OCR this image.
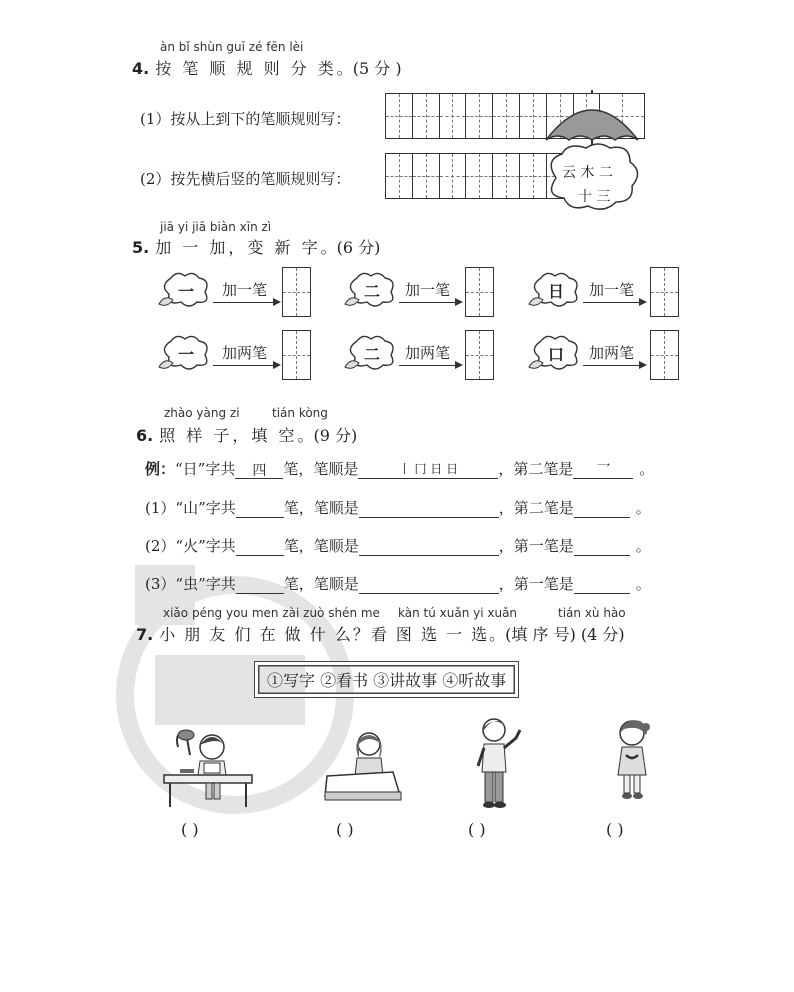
àn bǐ shùn guī zé fēn lèi
4. 按 笔 顺 规 则 分 类。(5 分 )
(1）按从上到下的笔顺规则写：
(2）按先横后竖的笔顺规则写：	云 木 二
十 三
jiā yi jiā biàn xīn zì
5. 加 一 加，变 新 字。(6 分)
一 加一笔	二 加一笔	日 加一笔
一 加两笔	二 加两笔	口 加两笔
zhào yàng zi	tián kòng
6. 照 样 子，填 空。(9 分)
例：“日”字共 四 笔，笔顺是	丨 冂 日 日	，第二笔是 乛 。
(1）“山”字共	笔，笔顺是	，第二笔是	。
(2）“火”字共	笔，笔顺是	，第一笔是	。
(3）“虫”字共	笔，笔顺是	，第一笔是	。
xiǎo péng you men zài zuò shén me kàn tú xuǎn yi xuǎn	tián xù hào
7. 小 朋 友 们 在 做 什 么？看 图 选 一 选。(填 序 号) (4 分)
①写字 ②看书 ③讲故事 ④听故事
( )	( )	( )	( )
